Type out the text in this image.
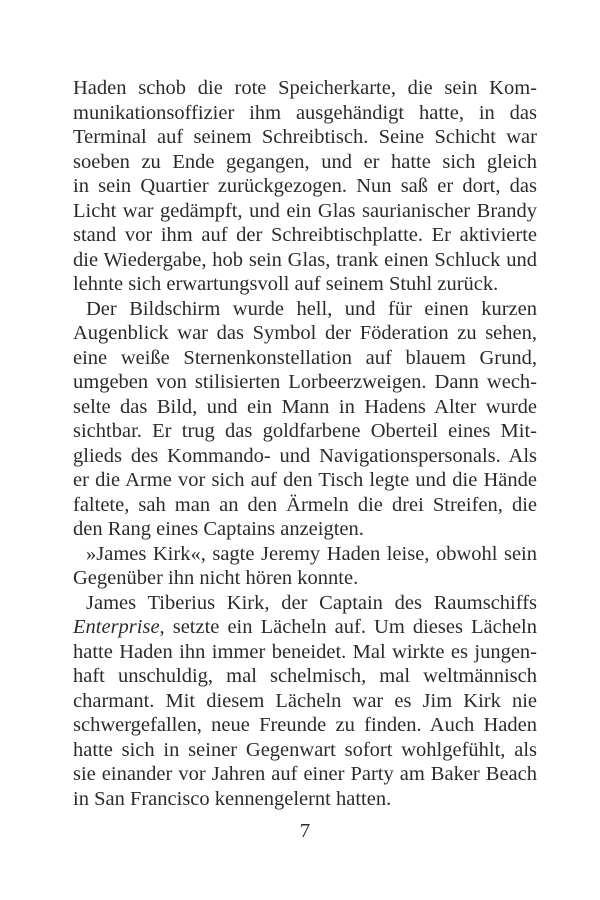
Haden schob die rote Speicherkarte, die sein Kom-
munikationsoffizier ihm ausgehändigt hatte, in das
Terminal auf seinem Schreibtisch. Seine Schicht war
soeben zu Ende gegangen, und er hatte sich gleich
in sein Quartier zurückgezogen. Nun saß er dort, das
Licht war gedämpft, und ein Glas saurianischer Brandy
stand vor ihm auf der Schreibtischplatte. Er aktivierte
die Wiedergabe, hob sein Glas, trank einen Schluck und
lehnte sich erwartungsvoll auf seinem Stuhl zurück.
Der Bildschirm wurde hell, und für einen kurzen
Augenblick war das Symbol der Föderation zu sehen,
eine weiße Sternenkonstellation auf blauem Grund,
umgeben von stilisierten Lorbeerzweigen. Dann wech-
selte das Bild, und ein Mann in Hadens Alter wurde
sichtbar. Er trug das goldfarbene Oberteil eines Mit-
glieds des Kommando- und Navigationspersonals. Als
er die Arme vor sich auf den Tisch legte und die Hände
faltete, sah man an den Ärmeln die drei Streifen, die
den Rang eines Captains anzeigten.
»James Kirk«, sagte Jeremy Haden leise, obwohl sein
Gegenüber ihn nicht hören konnte.
James Tiberius Kirk, der Captain des Raumschiffs
Enterprise, setzte ein Lächeln auf. Um dieses Lächeln
hatte Haden ihn immer beneidet. Mal wirkte es jungen-
haft unschuldig, mal schelmisch, mal weltmännisch
charmant. Mit diesem Lächeln war es Jim Kirk nie
schwergefallen, neue Freunde zu finden. Auch Haden
hatte sich in seiner Gegenwart sofort wohlgefühlt, als
sie einander vor Jahren auf einer Party am Baker Beach
in San Francisco kennengelernt hatten.
7
